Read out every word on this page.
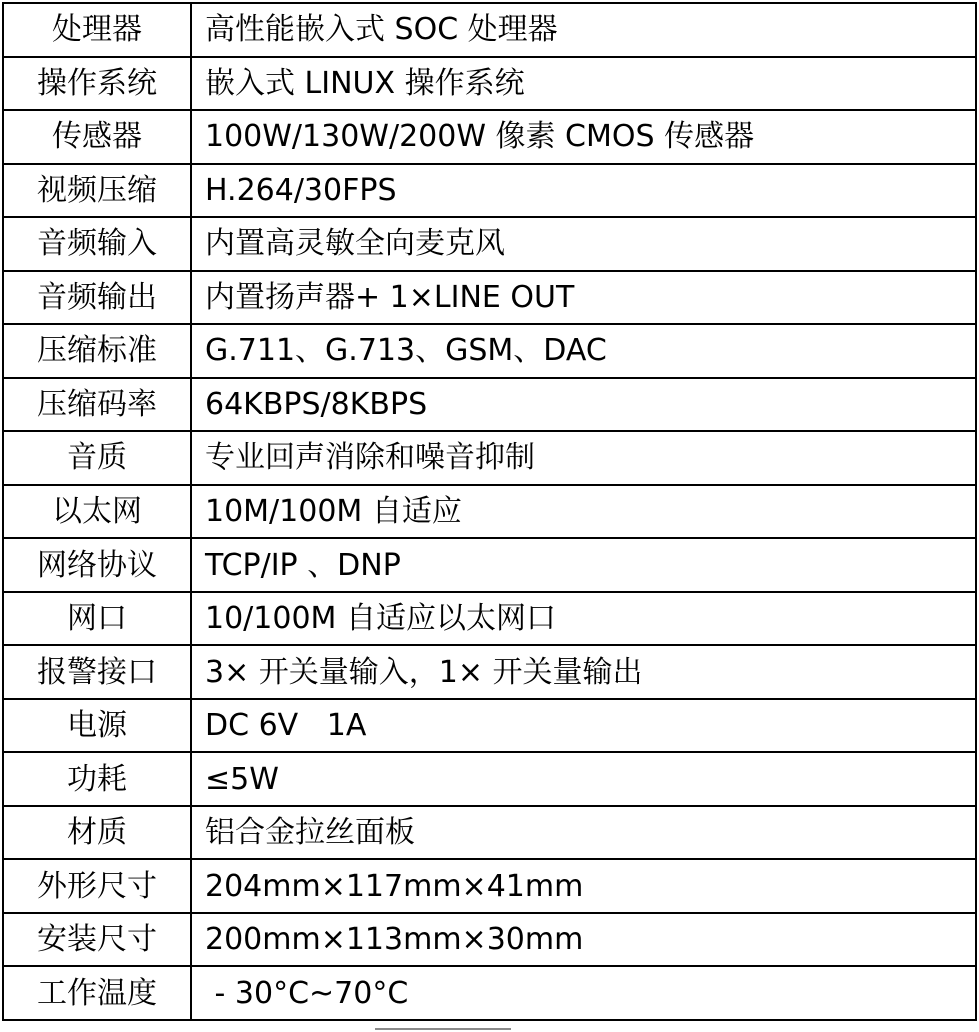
处理器	高性能嵌入式 SOC 处理器
操作系统	嵌入式 LINUX 操作系统
传感器	100W/130W/200W 像素 CMOS 传感器
视频压缩	H.264/30FPS
音频输入	内置高灵敏全向麦克风
音频输出	内置扬声器+ 1×LINE OUT
压缩标准	G.711、G.713、GSM、DAC
压缩码率	64KBPS/8KBPS
音质	专业回声消除和噪音抑制
以太网	10M/100M 自适应
网络协议	TCP/IP 、DNP
网口	10/100M 自适应以太网口
报警接口	3× 开关量输入，1× 开关量输出
电源	DC 6V   1A
功耗	≤5W
材质	铝合金拉丝面板
外形尺寸	204mm×117mm×41mm
安装尺寸	200mm×113mm×30mm
工作温度	- 30°C~70°C
